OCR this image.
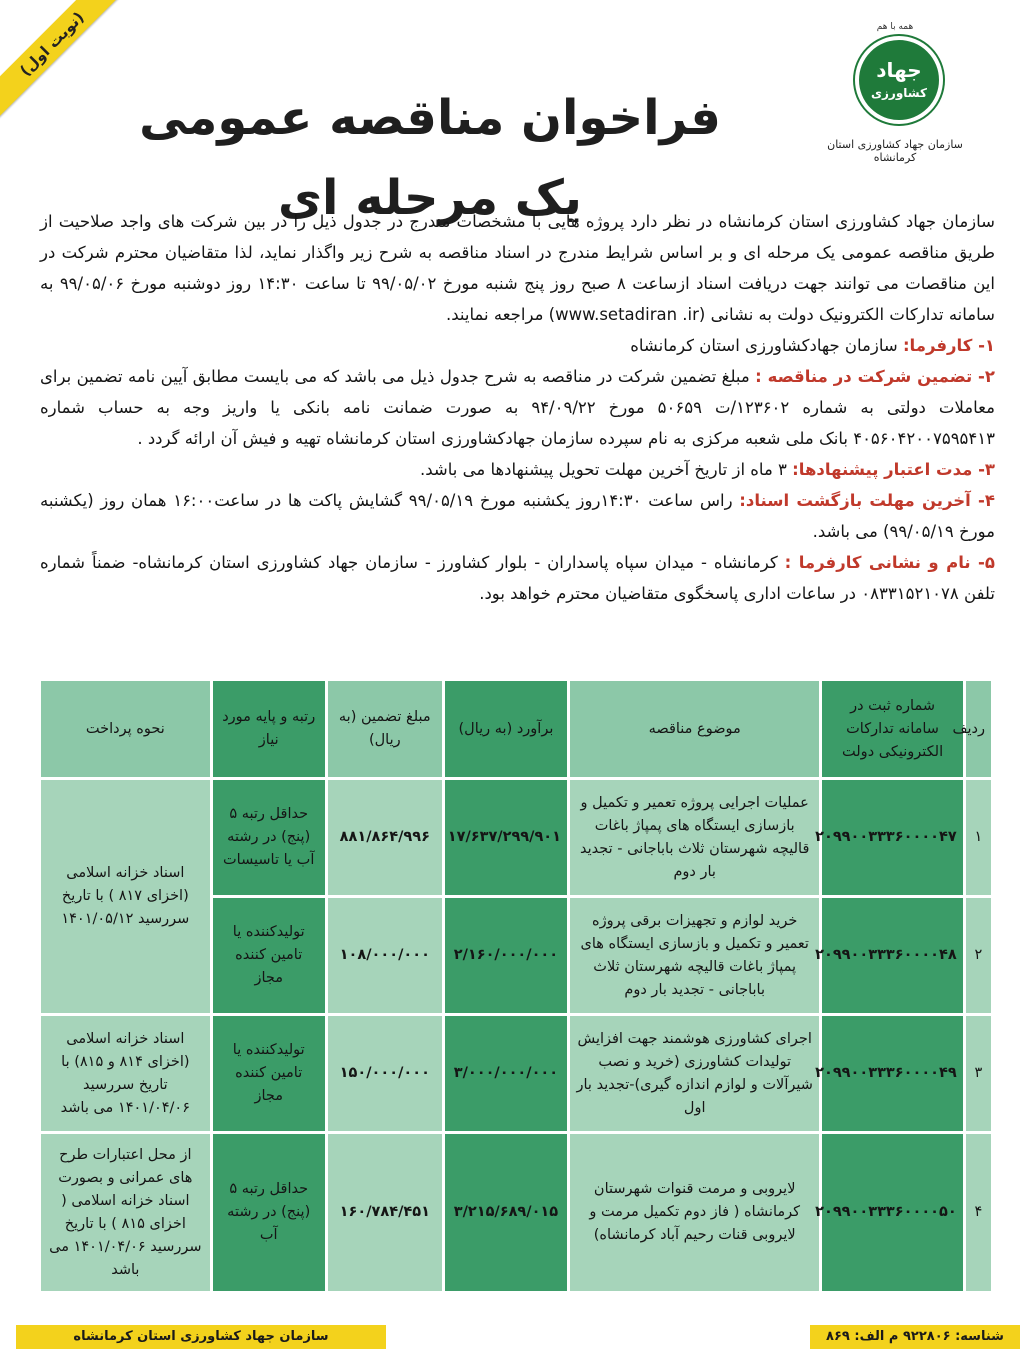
(نوبت اول)
فراخوان مناقصه عمومی یک مرحله ای
همه با هم
جهاد
کشاورزی
سازمان جهاد کشاورزی استان کرمانشاه

سازمان جهاد کشاورزی استان کرمانشاه در نظر دارد پروژه هایی با مشخصات مندرج در جدول ذیل را در بین شرکت های واجد صلاحیت از طریق مناقصه عمومی یک مرحله ای و بر اساس شرایط مندرج در اسناد مناقصه به شرح زیر واگذار نماید، لذا متقاضیان محترم شرکت در این مناقصات می توانند جهت دریافت اسناد ازساعت ۸ صبح روز پنج شنبه مورخ ۹۹/۰۵/۰۲ تا ساعت ۱۴:۳۰ روز دوشنبه مورخ ۹۹/۰۵/۰۶ به سامانه تدارکات الکترونیک دولت به نشانی (www.setadiran .ir) مراجعه نمایند.

۱- کارفرما: سازمان جهادکشاورزی استان کرمانشاه

۲- تضمین شرکت در مناقصه : مبلغ تضمین شرکت در مناقصه به شرح جدول ذیل می باشد که می بایست مطابق آیین نامه تضمین برای معاملات دولتی به شماره ۱۲۳۶۰۲/ت ۵۰۶۵۹ مورخ ۹۴/۰۹/۲۲ به صورت ضمانت نامه بانکی یا واریز وجه به حساب شماره ۴۰۵۶۰۴۲۰۰۷۵۹۵۴۱۳ بانک ملی شعبه مرکزی به نام سپرده سازمان جهادکشاورزی استان کرمانشاه تهیه و فیش آن ارائه گردد .

۳- مدت اعتبار پیشنهادها: ۳ ماه از تاریخ آخرین مهلت تحویل پیشنهادها می باشد.

۴- آخرین مهلت بازگشت اسناد: راس ساعت ۱۴:۳۰روز یکشنبه مورخ ۹۹/۰۵/۱۹ گشایش پاکت ها در ساعت۱۶:۰۰ همان روز (یکشنبه مورخ ۹۹/۰۵/۱۹) می باشد.

۵- نام و نشانی کارفرما : کرمانشاه - میدان سپاه پاسداران - بلوار کشاورز - سازمان جهاد کشاورزی استان کرمانشاه- ضمناً شماره تلفن ۰۸۳۳۱۵۲۱۰۷۸ در ساعات اداری پاسخگوی متقاضیان محترم خواهد بود.

ردیف	شماره ثبت در سامانه تدارکات الکترونیکی دولت	موضوع مناقصه	برآورد (به ریال)	مبلغ تضمین (به ریال)	رتبه و پایه مورد نیاز	نحوه پرداخت
۱	۲۰۹۹۰۰۳۳۳۶۰۰۰۰۴۷	عملیات اجرایی پروژه تعمیر و تکمیل و بازسازی ایستگاه های پمپاژ باغات قالیچه شهرستان ثلاث باباجانی - تجدید بار دوم	۱۷/۶۳۷/۲۹۹/۹۰۱	۸۸۱/۸۶۴/۹۹۶	حداقل رتبه ۵ (پنج) در رشته آب یا تاسیسات	اسناد خزانه اسلامی (اخزای ۸۱۷ ) با تاریخ سررسید ۱۴۰۱/۰۵/۱۲
۲	۲۰۹۹۰۰۳۳۳۶۰۰۰۰۴۸	خرید لوازم و تجهیزات برقی پروژه تعمیر و تکمیل و بازسازی ایستگاه های پمپاژ باغات قالیچه شهرستان ثلاث باباجانی - تجدید بار دوم	۲/۱۶۰/۰۰۰/۰۰۰	۱۰۸/۰۰۰/۰۰۰	تولیدکننده یا تامین کننده مجاز	
۳	۲۰۹۹۰۰۳۳۳۶۰۰۰۰۴۹	اجرای کشاورزی هوشمند جهت افزایش تولیدات کشاورزی (خرید و نصب شیرآلات و لوازم اندازه گیری)-تجدید بار اول	۳/۰۰۰/۰۰۰/۰۰۰	۱۵۰/۰۰۰/۰۰۰	تولیدکننده یا تامین کننده مجاز	اسناد خزانه اسلامی (اخزای ۸۱۴ و ۸۱۵) با تاریخ سررسید ۱۴۰۱/۰۴/۰۶ می باشد
۴	۲۰۹۹۰۰۳۳۳۶۰۰۰۰۵۰	لایروبی و مرمت قنوات شهرستان کرمانشاه ( فاز دوم تکمیل مرمت و لایروبی قنات رحیم آباد کرمانشاه)	۳/۲۱۵/۶۸۹/۰۱۵	۱۶۰/۷۸۴/۴۵۱	حداقل رتبه ۵ (پنج) در رشته آب	از محل اعتبارات طرح های عمرانی و بصورت اسناد خزانه اسلامی ( اخزای ۸۱۵ ) با تاریخ سررسید ۱۴۰۱/۰۴/۰۶ می باشد
شناسه: ۹۲۲۸۰۶ م الف: ۸۶۹
سازمان جهاد کشاورزی استان کرمانشاه
